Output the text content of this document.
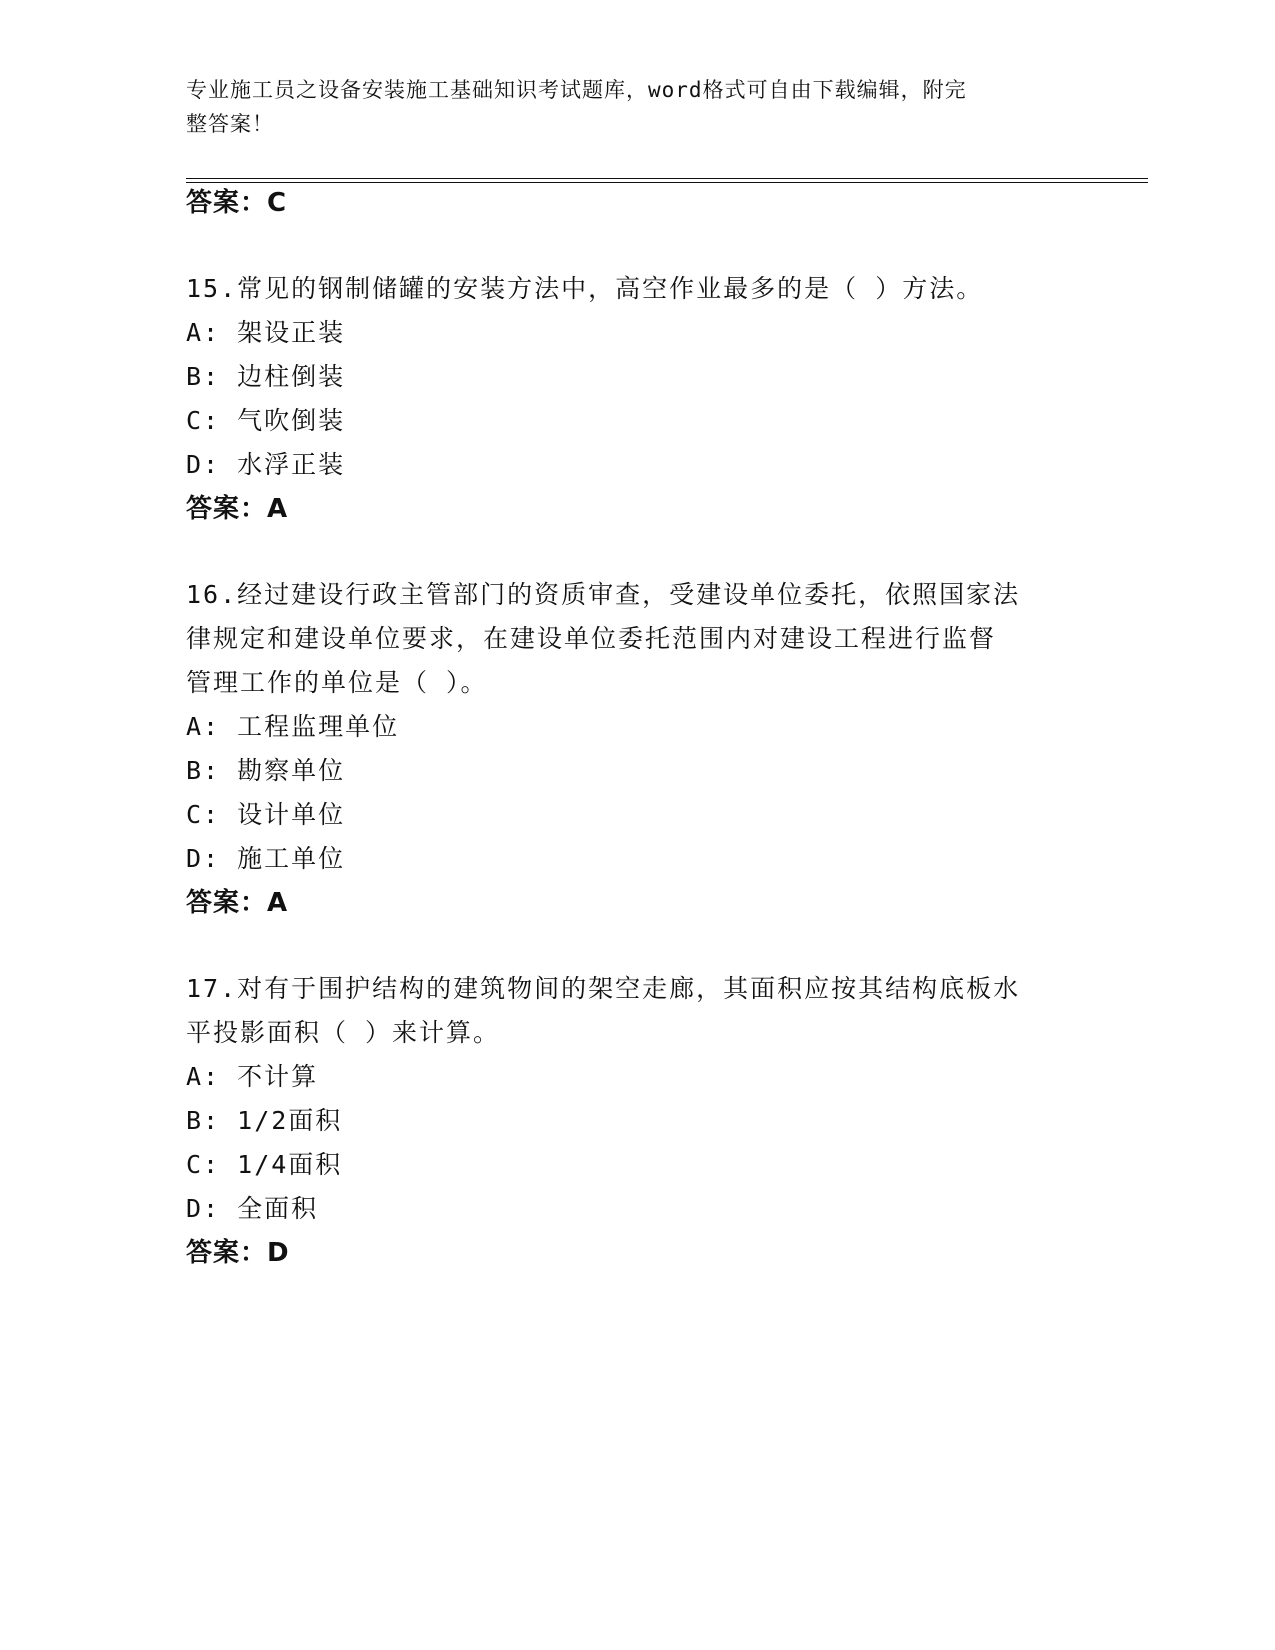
专业施工员之设备安装施工基础知识考试题库，word格式可自由下载编辑，附完
整答案！
答案：C
15.常见的钢制储罐的安装方法中，高空作业最多的是（ ）方法。
A: 架设正装
B: 边柱倒装
C: 气吹倒装
D: 水浮正装
答案：A
16.经过建设行政主管部门的资质审查，受建设单位委托，依照国家法
律规定和建设单位要求，在建设单位委托范围内对建设工程进行监督
管理工作的单位是（ ）。
A: 工程监理单位
B: 勘察单位
C: 设计单位
D: 施工单位
答案：A
17.对有于围护结构的建筑物间的架空走廊，其面积应按其结构底板水
平投影面积（ ）来计算。
A: 不计算
B: 1/2面积
C: 1/4面积
D: 全面积
答案：D
